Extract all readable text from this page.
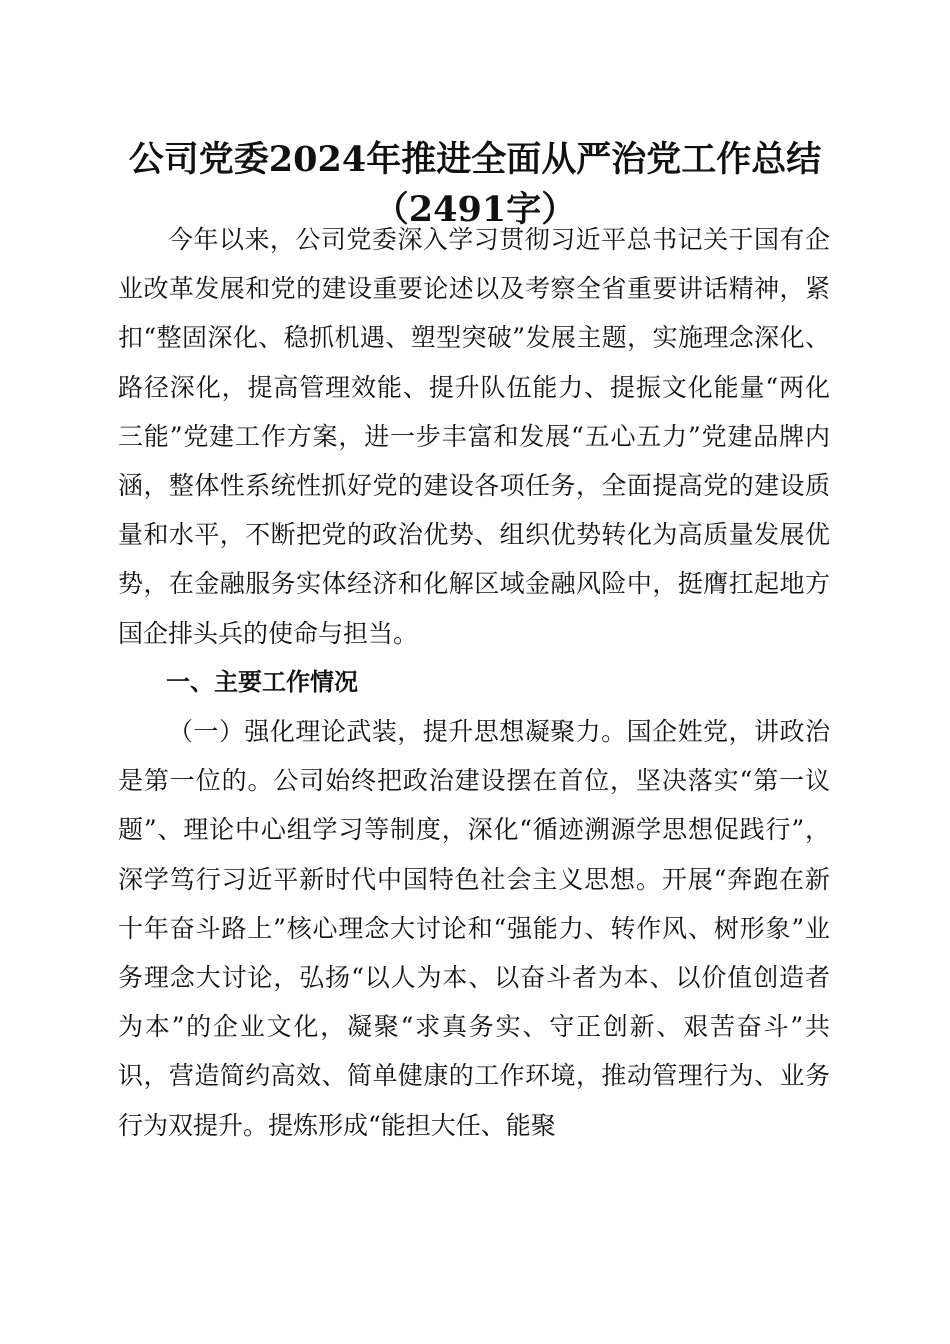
公司党委2024年推进全面从严治党工作总结
（2491字）

今年以来，公司党委深入学习贯彻习近平总书记关于国有企业改革发展和党的建设重要论述以及考察全省重要讲话精神，紧扣“整固深化、稳抓机遇、塑型突破”发展主题，实施理念深化、路径深化，提高管理效能、提升队伍能力、提振文化能量“两化三能”党建工作方案，进一步丰富和发展“五心五力”党建品牌内涵，整体性系统性抓好党的建设各项任务，全面提高党的建设质量和水平，不断把党的政治优势、组织优势转化为高质量发展优势，在金融服务实体经济和化解区域金融风险中，挺膺扛起地方国企排头兵的使命与担当。

一、主要工作情况

（一）强化理论武装，提升思想凝聚力。国企姓党，讲政治是第一位的。公司始终把政治建设摆在首位，坚决落实“第一议题”、理论中心组学习等制度，深化“循迹溯源学思想促践行”，深学笃行习近平新时代中国特色社会主义思想。开展“奔跑在新十年奋斗路上”核心理念大讨论和“强能力、转作风、树形象”业务理念大讨论，弘扬“以人为本、以奋斗者为本、以价值创造者为本”的企业文化，凝聚“求真务实、守正创新、艰苦奋斗”共识，营造简约高效、简单健康的工作环境，推动管理行为、业务行为双提升。提炼形成“能担大任、能聚
